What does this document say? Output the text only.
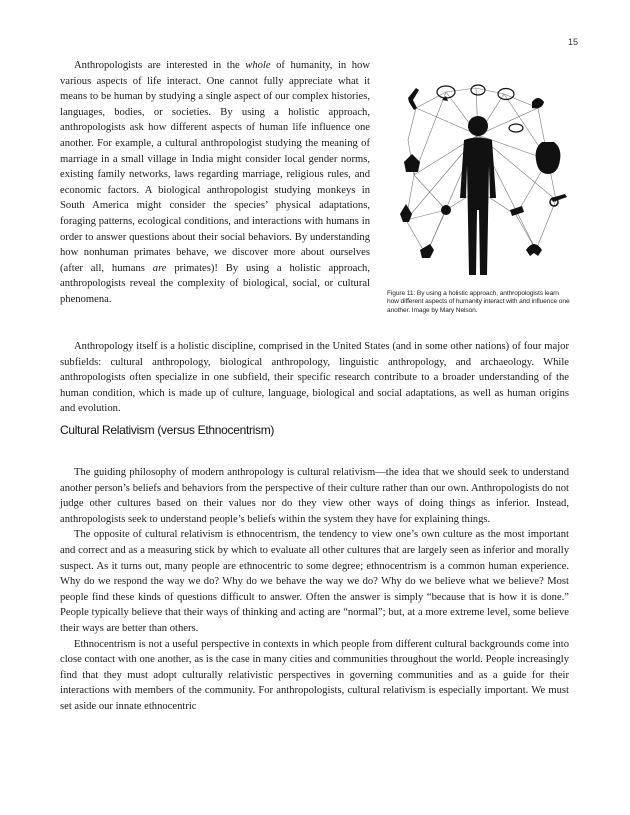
15

Anthropologists are interested in the whole of humanity, in how various aspects of life interact. One cannot fully appreciate what it means to be human by studying a single aspect of our complex histories, languages, bodies, or societies. By using a holistic approach, anthropologists ask how different aspects of human life influence one another. For example, a cultural anthropologist studying the meaning of marriage in a small village in India might consider local gender norms, existing family networks, laws regarding marriage, religious rules, and economic factors. A biological anthropologist studying monkeys in South America might consider the species’ physical adaptations, foraging patterns, ecological conditions, and interactions with humans in order to answer questions about their social behaviors. By understanding how nonhuman primates behave, we discover more about ourselves (after all, humans are primates)! By using a holistic approach, anthropologists reveal the complexity of biological, social, or cultural phenomena.

Figure 11: By using a holistic approach, anthropologists learn how different aspects of humanity interact with and influence one another. Image by Mary Nelson.

Anthropology itself is a holistic discipline, comprised in the United States (and in some other nations) of four major subfields: cultural anthropology, biological anthropology, linguistic anthropology, and archaeology. While anthropologists often specialize in one subfield, their specific research contribute to a broader understanding of the human condition, which is made up of culture, language, biological and social adaptations, as well as human origins and evolution.

Cultural Relativism (versus Ethnocentrism)

The guiding philosophy of modern anthropology is cultural relativism—the idea that we should seek to understand another person’s beliefs and behaviors from the perspective of their culture rather than our own. Anthropologists do not judge other cultures based on their values nor do they view other ways of doing things as inferior. Instead, anthropologists seek to understand people’s beliefs within the system they have for explaining things.

The opposite of cultural relativism is ethnocentrism, the tendency to view one’s own culture as the most important and correct and as a measuring stick by which to evaluate all other cultures that are largely seen as inferior and morally suspect. As it turns out, many people are ethnocentric to some degree; ethnocentrism is a common human experience. Why do we respond the way we do? Why do we behave the way we do? Why do we believe what we believe? Most people find these kinds of questions difficult to answer. Often the answer is simply “because that is how it is done.” People typically believe that their ways of thinking and acting are “normal”; but, at a more extreme level, some believe their ways are better than others.

Ethnocentrism is not a useful perspective in contexts in which people from different cultural backgrounds come into close contact with one another, as is the case in many cities and communities throughout the world. People increasingly find that they must adopt culturally relativistic perspectives in governing communities and as a guide for their interactions with members of the community. For anthropologists, cultural relativism is especially important. We must set aside our innate ethnocentric
